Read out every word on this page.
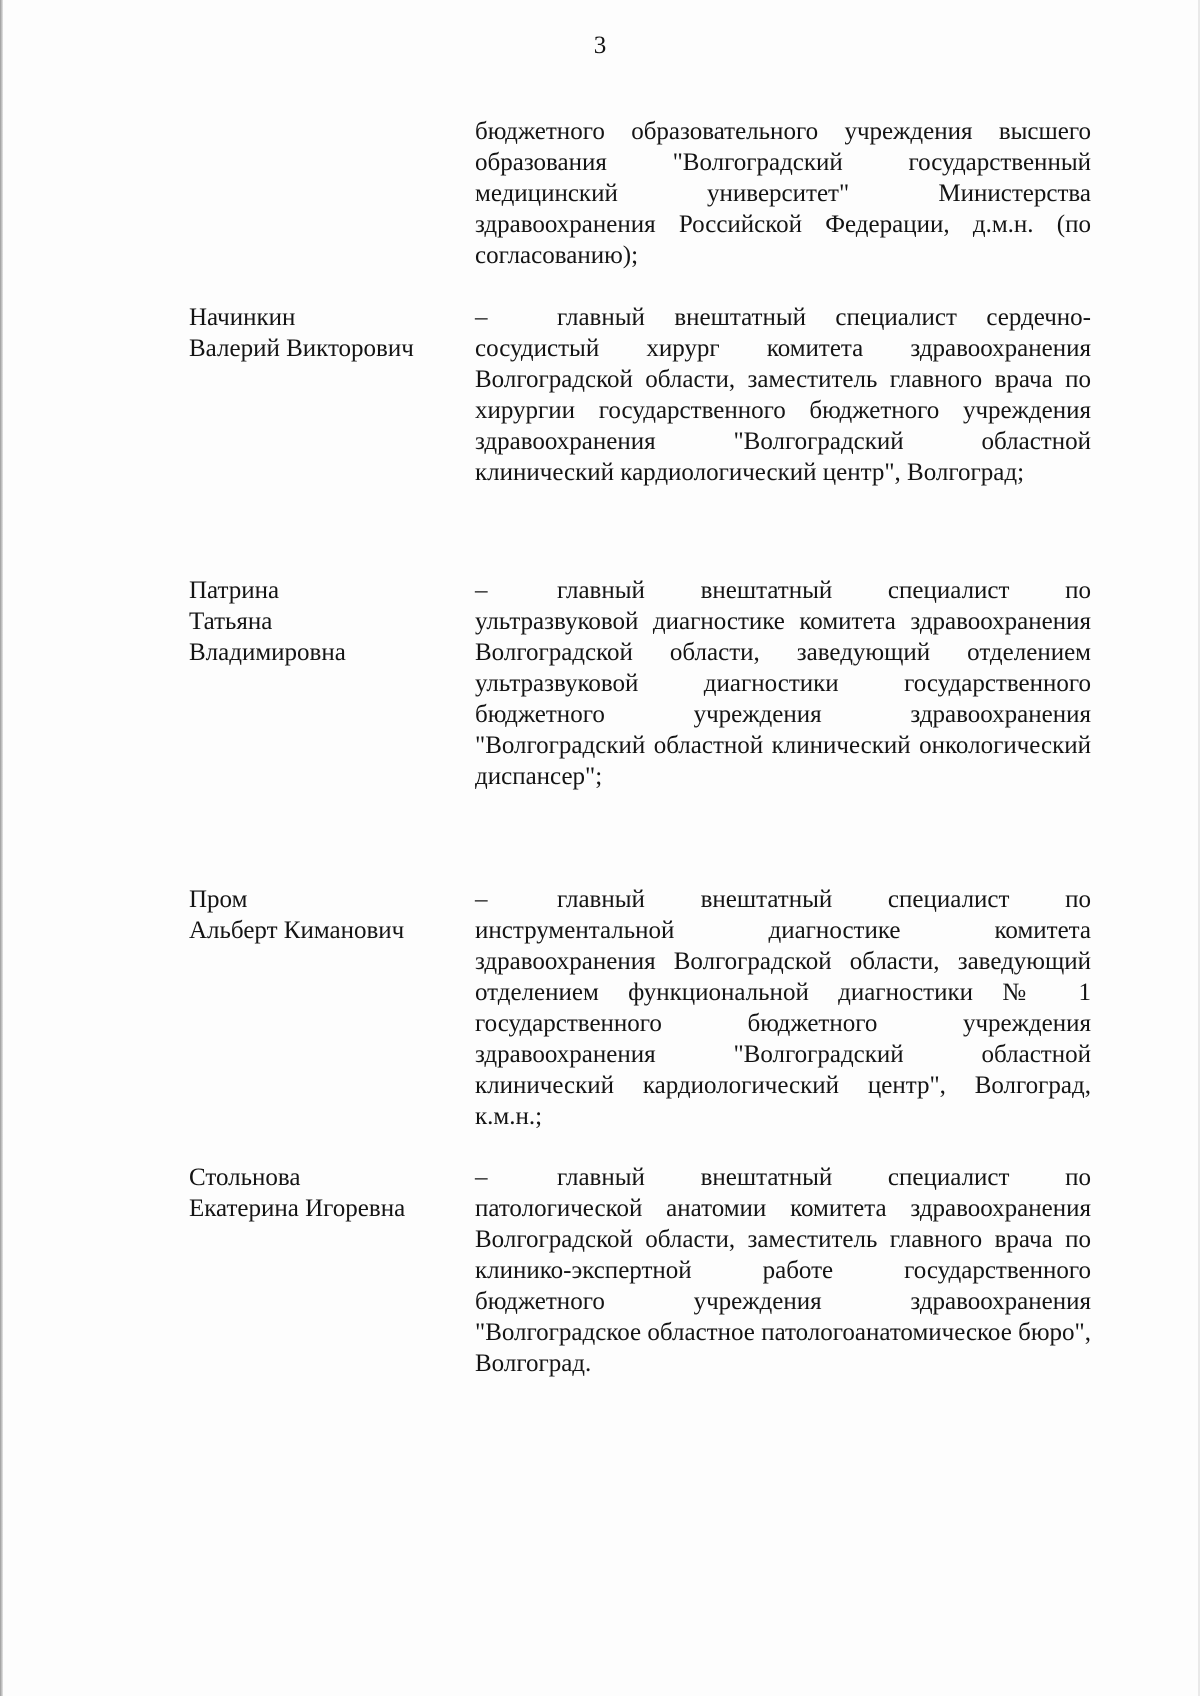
3
бюджетного образовательного учреждения высшего образования "Волгоградский государственный медицинский университет" Министерства здравоохранения Российской Федерации, д.м.н. (по согласованию);
Начинкин
Валерий Викторович
–	главный внештатный специалист сердечно-сосудистый хирург комитета здравоохранения Волгоградской области, заместитель главного врача по хирургии государственного бюджетного учреждения здравоохранения "Волгоградский областной клинический кардиологический центр", Волгоград;
Патрина
Татьяна
Владимировна
–	главный внештатный специалист по ультразвуковой диагностике комитета здравоохранения Волгоградской области, заведующий отделением ультразвуковой диагностики государственного бюджетного учреждения здравоохранения "Волгоградский областной клинический онкологический диспансер";
Пром
Альберт Киманович
–	главный внештатный специалист по инструментальной диагностике комитета здравоохранения Волгоградской области, заведующий отделением функциональной диагностики № 1 государственного бюджетного учреждения здравоохранения "Волгоградский областной клинический кардиологический центр", Волгоград, к.м.н.;
Стольнова
Екатерина Игоревна
–	главный внештатный специалист по патологической анатомии комитета здравоохранения Волгоградской области, заместитель главного врача по клинико-экспертной работе государственного бюджетного учреждения здравоохранения "Волгоградское областное патологоанатомическое бюро", Волгоград.
